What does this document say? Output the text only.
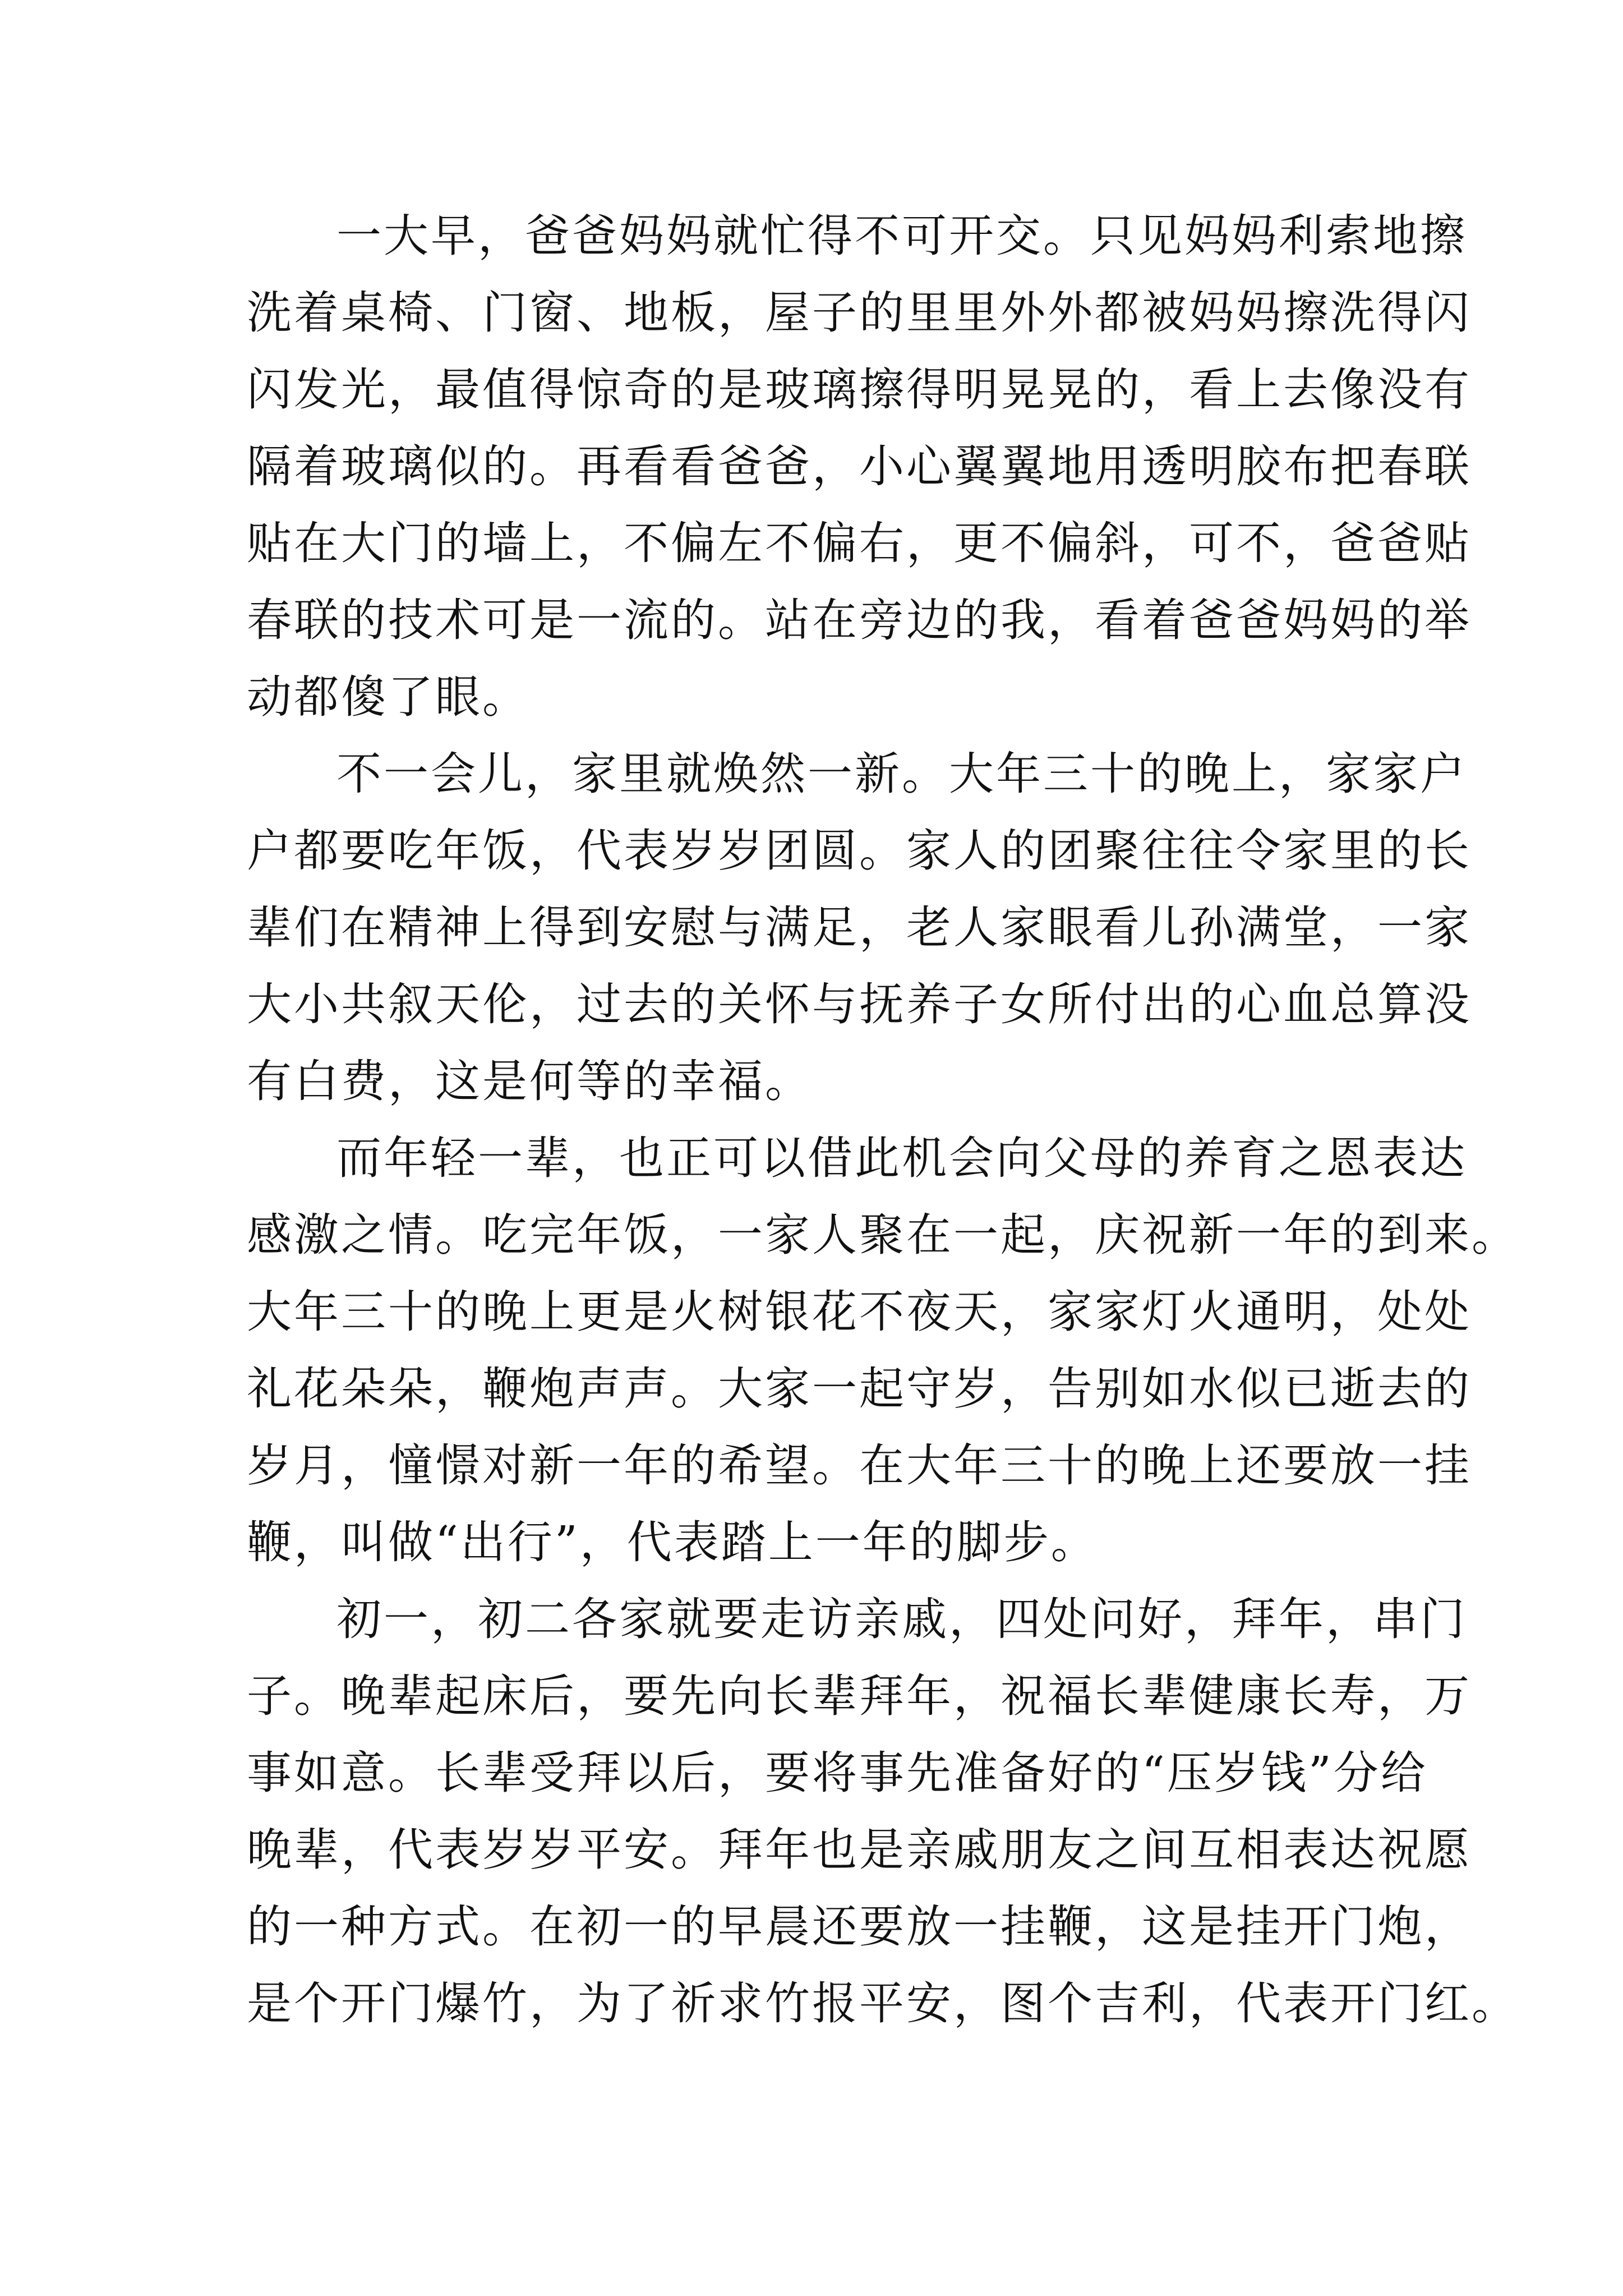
一大早，爸爸妈妈就忙得不可开交。只见妈妈利索地擦
洗着桌椅、门窗、地板，屋子的里里外外都被妈妈擦洗得闪
闪发光，最值得惊奇的是玻璃擦得明晃晃的，看上去像没有
隔着玻璃似的。再看看爸爸，小心翼翼地用透明胶布把春联
贴在大门的墙上，不偏左不偏右，更不偏斜，可不，爸爸贴
春联的技术可是一流的。站在旁边的我，看着爸爸妈妈的举
动都傻了眼。
不一会儿，家里就焕然一新。大年三十的晚上，家家户
户都要吃年饭，代表岁岁团圆。家人的团聚往往令家里的长
辈们在精神上得到安慰与满足，老人家眼看儿孙满堂，一家
大小共叙天伦，过去的关怀与抚养子女所付出的心血总算没
有白费，这是何等的幸福。
而年轻一辈，也正可以借此机会向父母的养育之恩表达
感激之情。吃完年饭，一家人聚在一起，庆祝新一年的到来。
大年三十的晚上更是火树银花不夜天，家家灯火通明，处处
礼花朵朵，鞭炮声声。大家一起守岁，告别如水似已逝去的
岁月，憧憬对新一年的希望。在大年三十的晚上还要放一挂
鞭，叫做“出行”，代表踏上一年的脚步。
初一，初二各家就要走访亲戚，四处问好，拜年，串门
子。晚辈起床后，要先向长辈拜年，祝福长辈健康长寿，万
事如意。长辈受拜以后，要将事先准备好的“压岁钱”分给
晚辈，代表岁岁平安。拜年也是亲戚朋友之间互相表达祝愿
的一种方式。在初一的早晨还要放一挂鞭，这是挂开门炮，
是个开门爆竹，为了祈求竹报平安，图个吉利，代表开门红。
